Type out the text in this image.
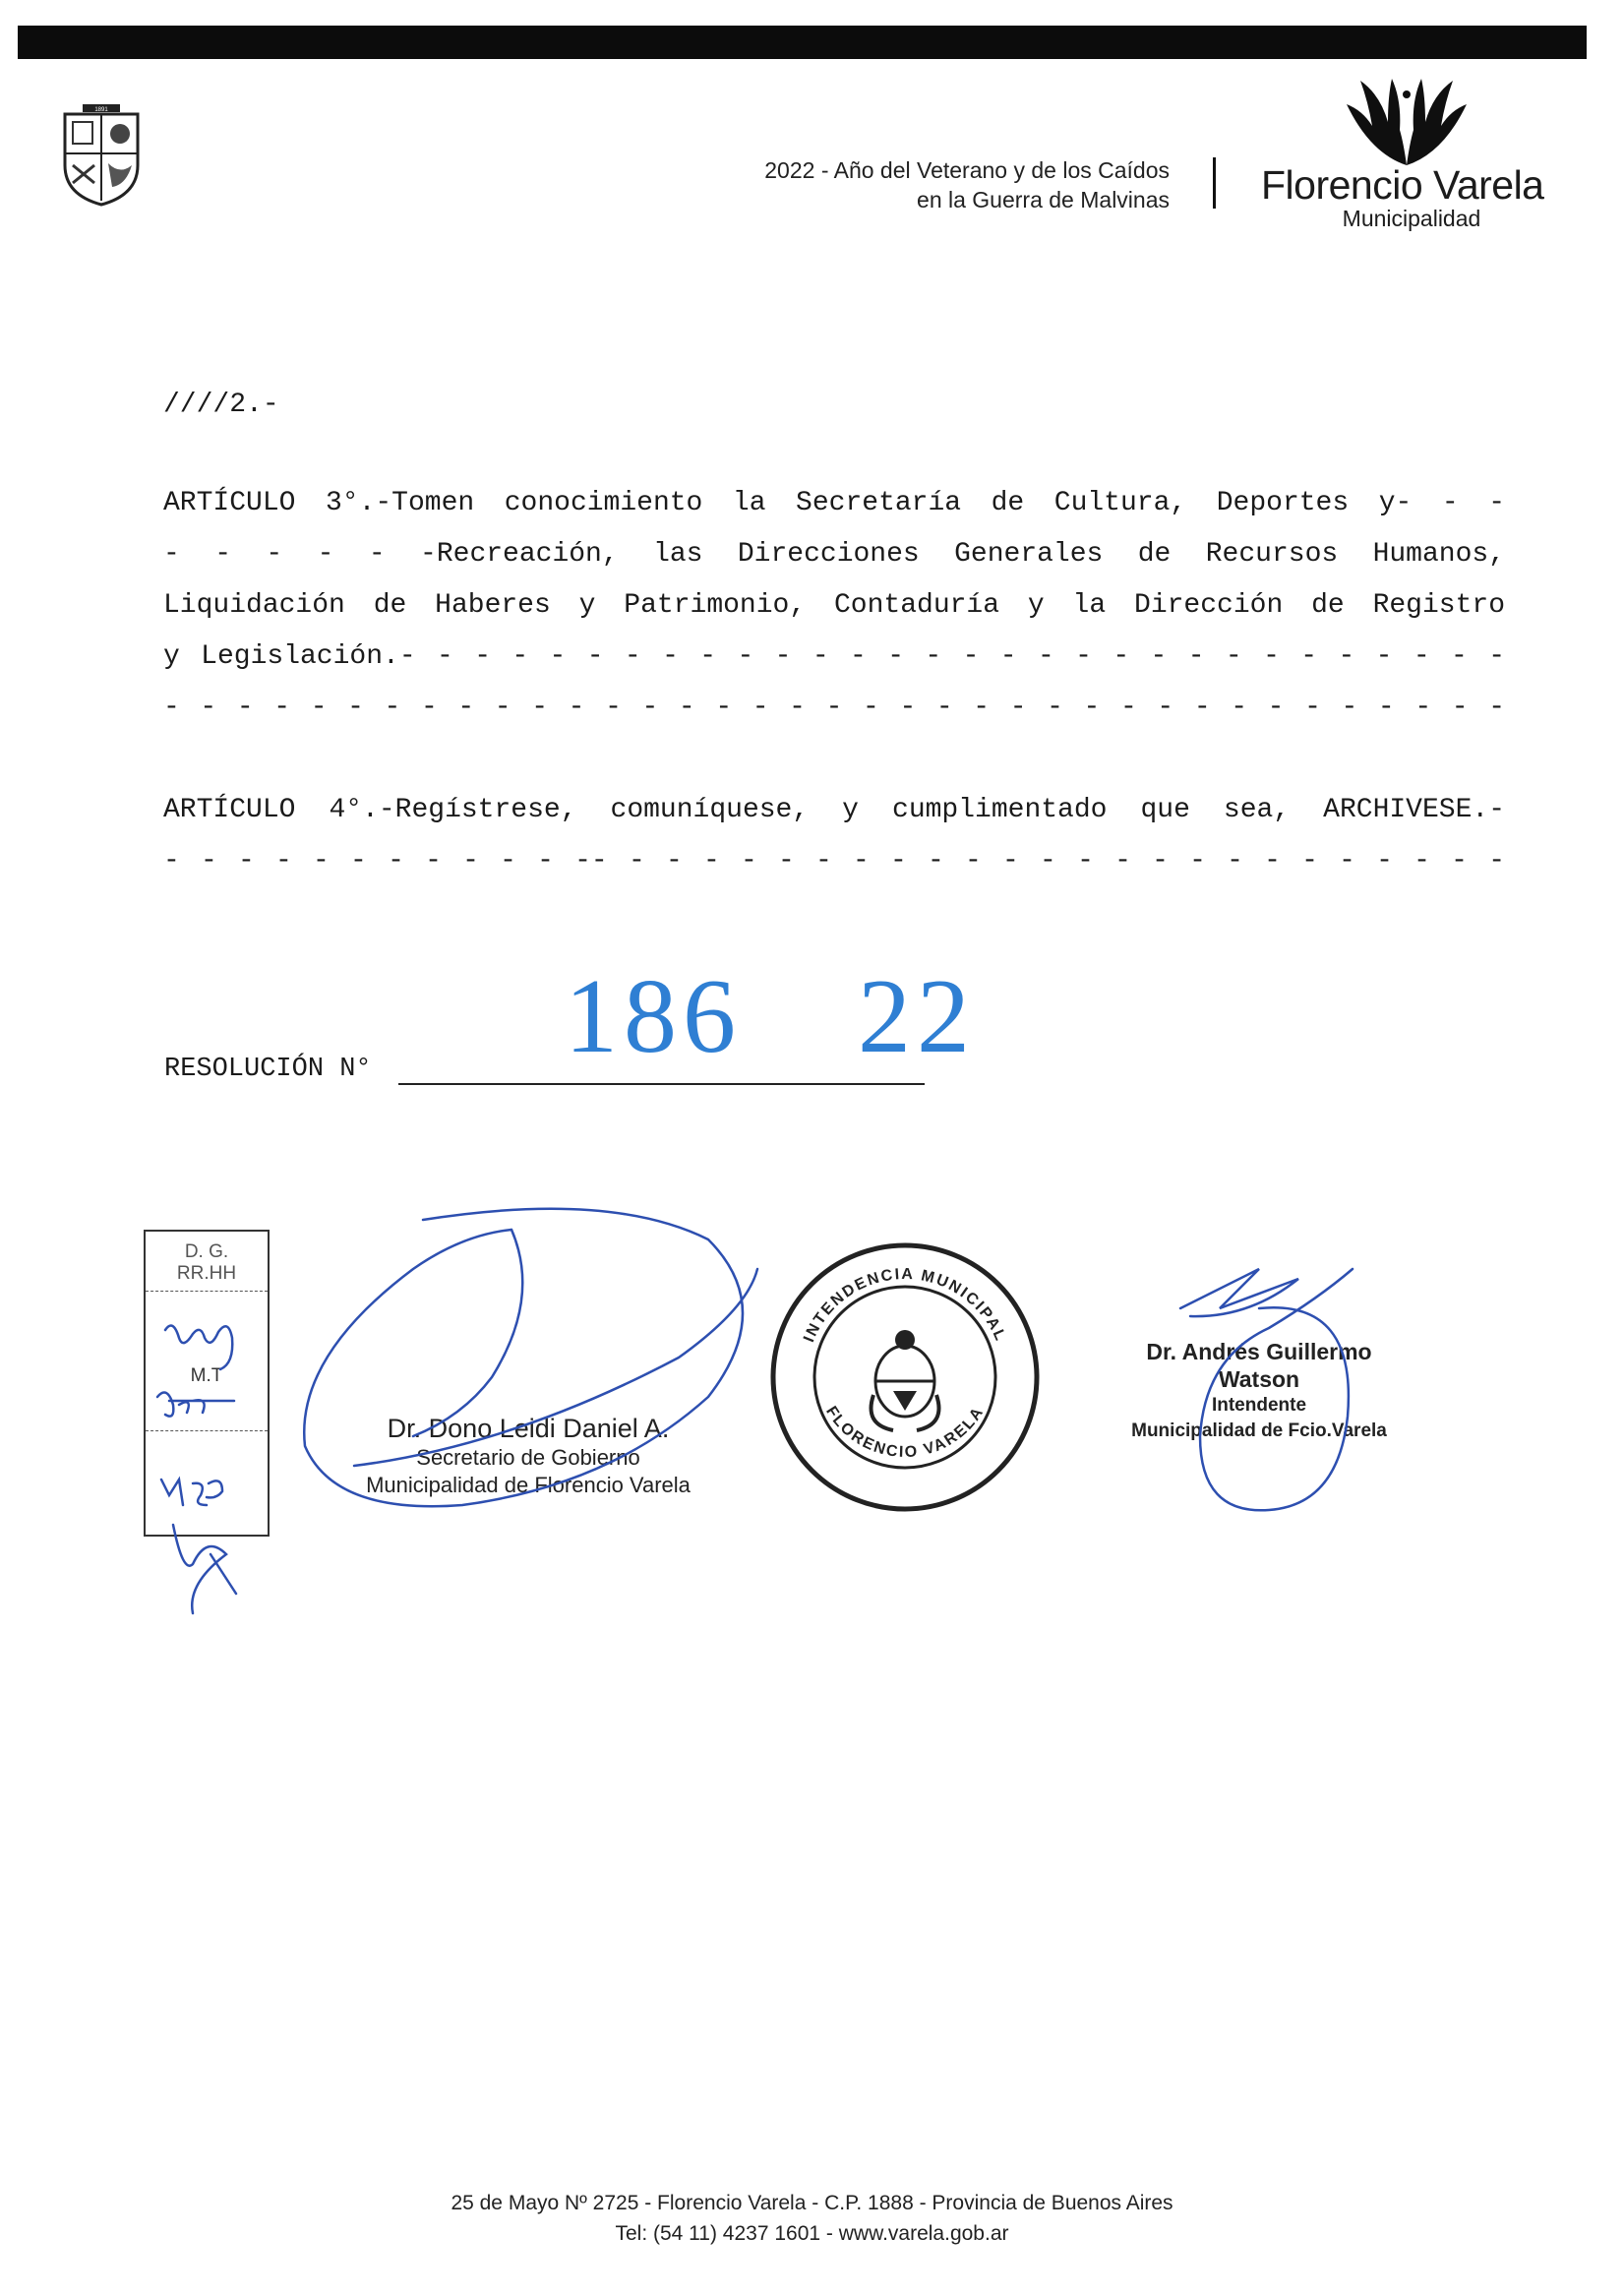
1891
2022 - Año del Veterano y de los Caídos
en la Guerra de Malvinas Florencio Varela
Municipalidad
////2.-
ARTÍCULO 3°.-Tomen conocimiento la Secretaría de Cultura, Deportes y- - -
- - - - - -Recreación, las Direcciones Generales de Recursos Humanos,
Liquidación de Haberes y Patrimonio, Contaduría y la Dirección de Registro
y Legislación.- - - - - - - - - - - - - - - - - - - - - - - - - - - - - -
- - - - - - - - - - - - - - - - - - - - - - - - - - - - - - - - - - - - -
ARTÍCULO 4°.-Regístrese, comuníquese, y cumplimentado que sea, ARCHIVESE.-
- - - - - - - - - - - -- - - - - - - - - - - - - - - - - - - - - - - - -
186 22
RESOLUCIÓN N°
D. G.
RR.HH
M.T
INTENDENCIA MUNICIPAL
FLORENCIO VARELA
Dr. Dono Leidi Daniel A.
Secretario de Gobierno
Municipalidad de Florencio Varela
Dr. Andrés Guillermo Watson
Intendente
Municipalidad de Fcio.Varela
25 de Mayo Nº 2725 - Florencio Varela - C.P. 1888 - Provincia de Buenos Aires
Tel: (54 11) 4237 1601 - www.varela.gob.ar
